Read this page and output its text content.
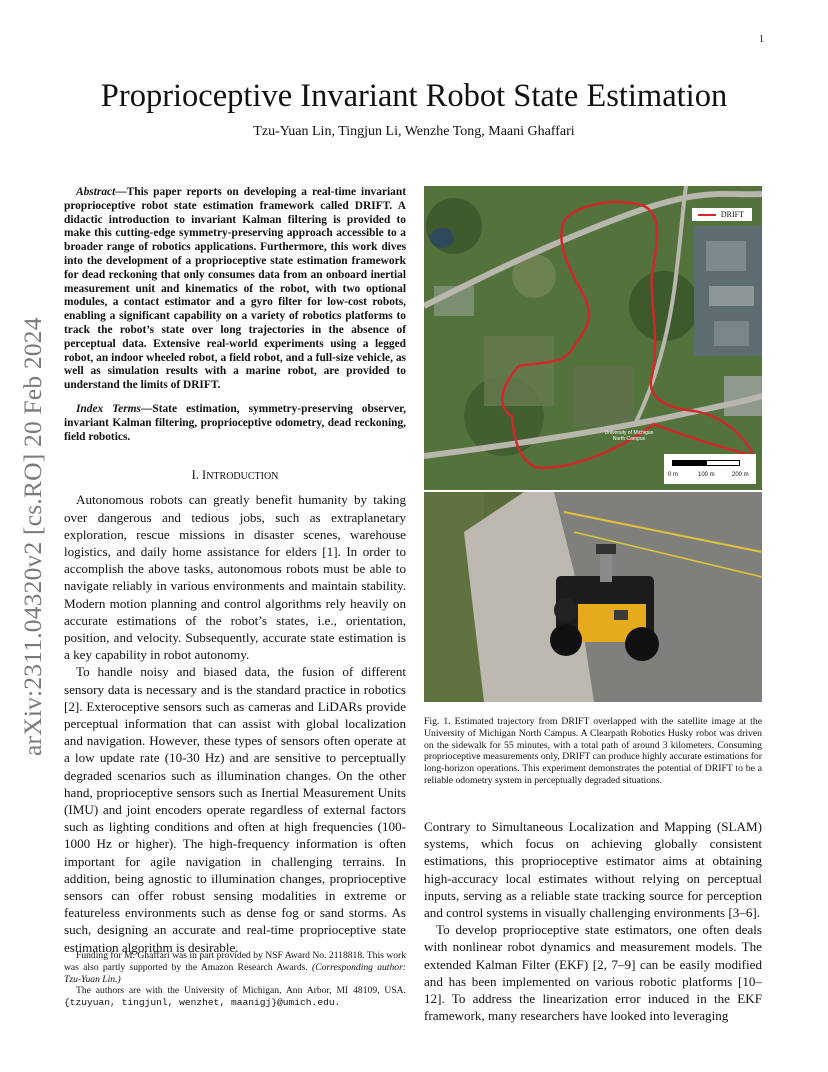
1
arXiv:2311.04320v2 [cs.RO] 20 Feb 2024
Proprioceptive Invariant Robot State Estimation
Tzu-Yuan Lin, Tingjun Li, Wenzhe Tong, Maani Ghaffari

Abstract—This paper reports on developing a real-time invariant proprioceptive robot state estimation framework called DRIFT. A didactic introduction to invariant Kalman filtering is provided to make this cutting-edge symmetry-preserving approach accessible to a broader range of robotics applications. Furthermore, this work dives into the development of a proprioceptive state estimation framework for dead reckoning that only consumes data from an onboard inertial measurement unit and kinematics of the robot, with two optional modules, a contact estimator and a gyro filter for low-cost robots, enabling a significant capability on a variety of robotics platforms to track the robot’s state over long trajectories in the absence of perceptual data. Extensive real-world experiments using a legged robot, an indoor wheeled robot, a field robot, and a full-size vehicle, as well as simulation results with a marine robot, are provided to understand the limits of DRIFT.

Index Terms—State estimation, symmetry-preserving observer, invariant Kalman filtering, proprioceptive odometry, dead reckoning, field robotics.

I. INTRODUCTION

Autonomous robots can greatly benefit humanity by taking over dangerous and tedious jobs, such as extraplanetary exploration, rescue missions in disaster scenes, warehouse logistics, and daily home assistance for elders [1]. In order to accomplish the above tasks, autonomous robots must be able to navigate reliably in various environments and maintain stability. Modern motion planning and control algorithms rely heavily on accurate estimations of the robot’s states, i.e., orientation, position, and velocity. Subsequently, accurate state estimation is a key capability in robot autonomy.

To handle noisy and biased data, the fusion of different sensory data is necessary and is the standard practice in robotics [2]. Exteroceptive sensors such as cameras and LiDARs provide perceptual information that can assist with global localization and navigation. However, these types of sensors often operate at a low update rate (10-30 Hz) and are sensitive to perceptually degraded scenarios such as illumination changes. On the other hand, proprioceptive sensors such as Inertial Measurement Units (IMU) and joint encoders operate regardless of external factors such as lighting conditions and often at high frequencies (100-1000 Hz or higher). The high-frequency information is often important for agile navigation in challenging terrains. In addition, being agnostic to illumination changes, proprioceptive sensors can offer robust sensing modalities in extreme or featureless environments such as dense fog or sand storms. As such, designing an accurate and real-time proprioceptive state estimation algorithm is desirable.

Funding for M. Ghaffari was in part provided by NSF Award No. 2118818. This work was also partly supported by the Amazon Research Awards. (Corresponding author: Tzu-Yuan Lin.)

The authors are with the University of Michigan, Ann Arbor, MI 48109, USA. {tzuyuan, tingjunl, wenzhet, maanigj}@umich.edu.

DRIFT
University of Michigan North Campus
0 m	100 m	200 m

Fig. 1. Estimated trajectory from DRIFT overlapped with the satellite image at the University of Michigan North Campus. A Clearpath Robotics Husky robot was driven on the sidewalk for 55 minutes, with a total path of around 3 kilometers. Consuming proprioceptive measurements only, DRIFT can produce highly accurate estimations for long-horizon operations. This experiment demonstrates the potential of DRIFT to be a reliable odometry system in perceptually degraded situations.

Contrary to Simultaneous Localization and Mapping (SLAM) systems, which focus on achieving globally consistent estimations, this proprioceptive estimator aims at obtaining high-accuracy local estimates without relying on perceptual inputs, serving as a reliable state tracking source for perception and control systems in visually challenging environments [3–6].

To develop proprioceptive state estimators, one often deals with nonlinear robot dynamics and measurement models. The extended Kalman Filter (EKF) [2, 7–9] can be easily modified and has been implemented on various robotic platforms [10–12]. To address the linearization error induced in the EKF framework, many researchers have looked into leveraging
